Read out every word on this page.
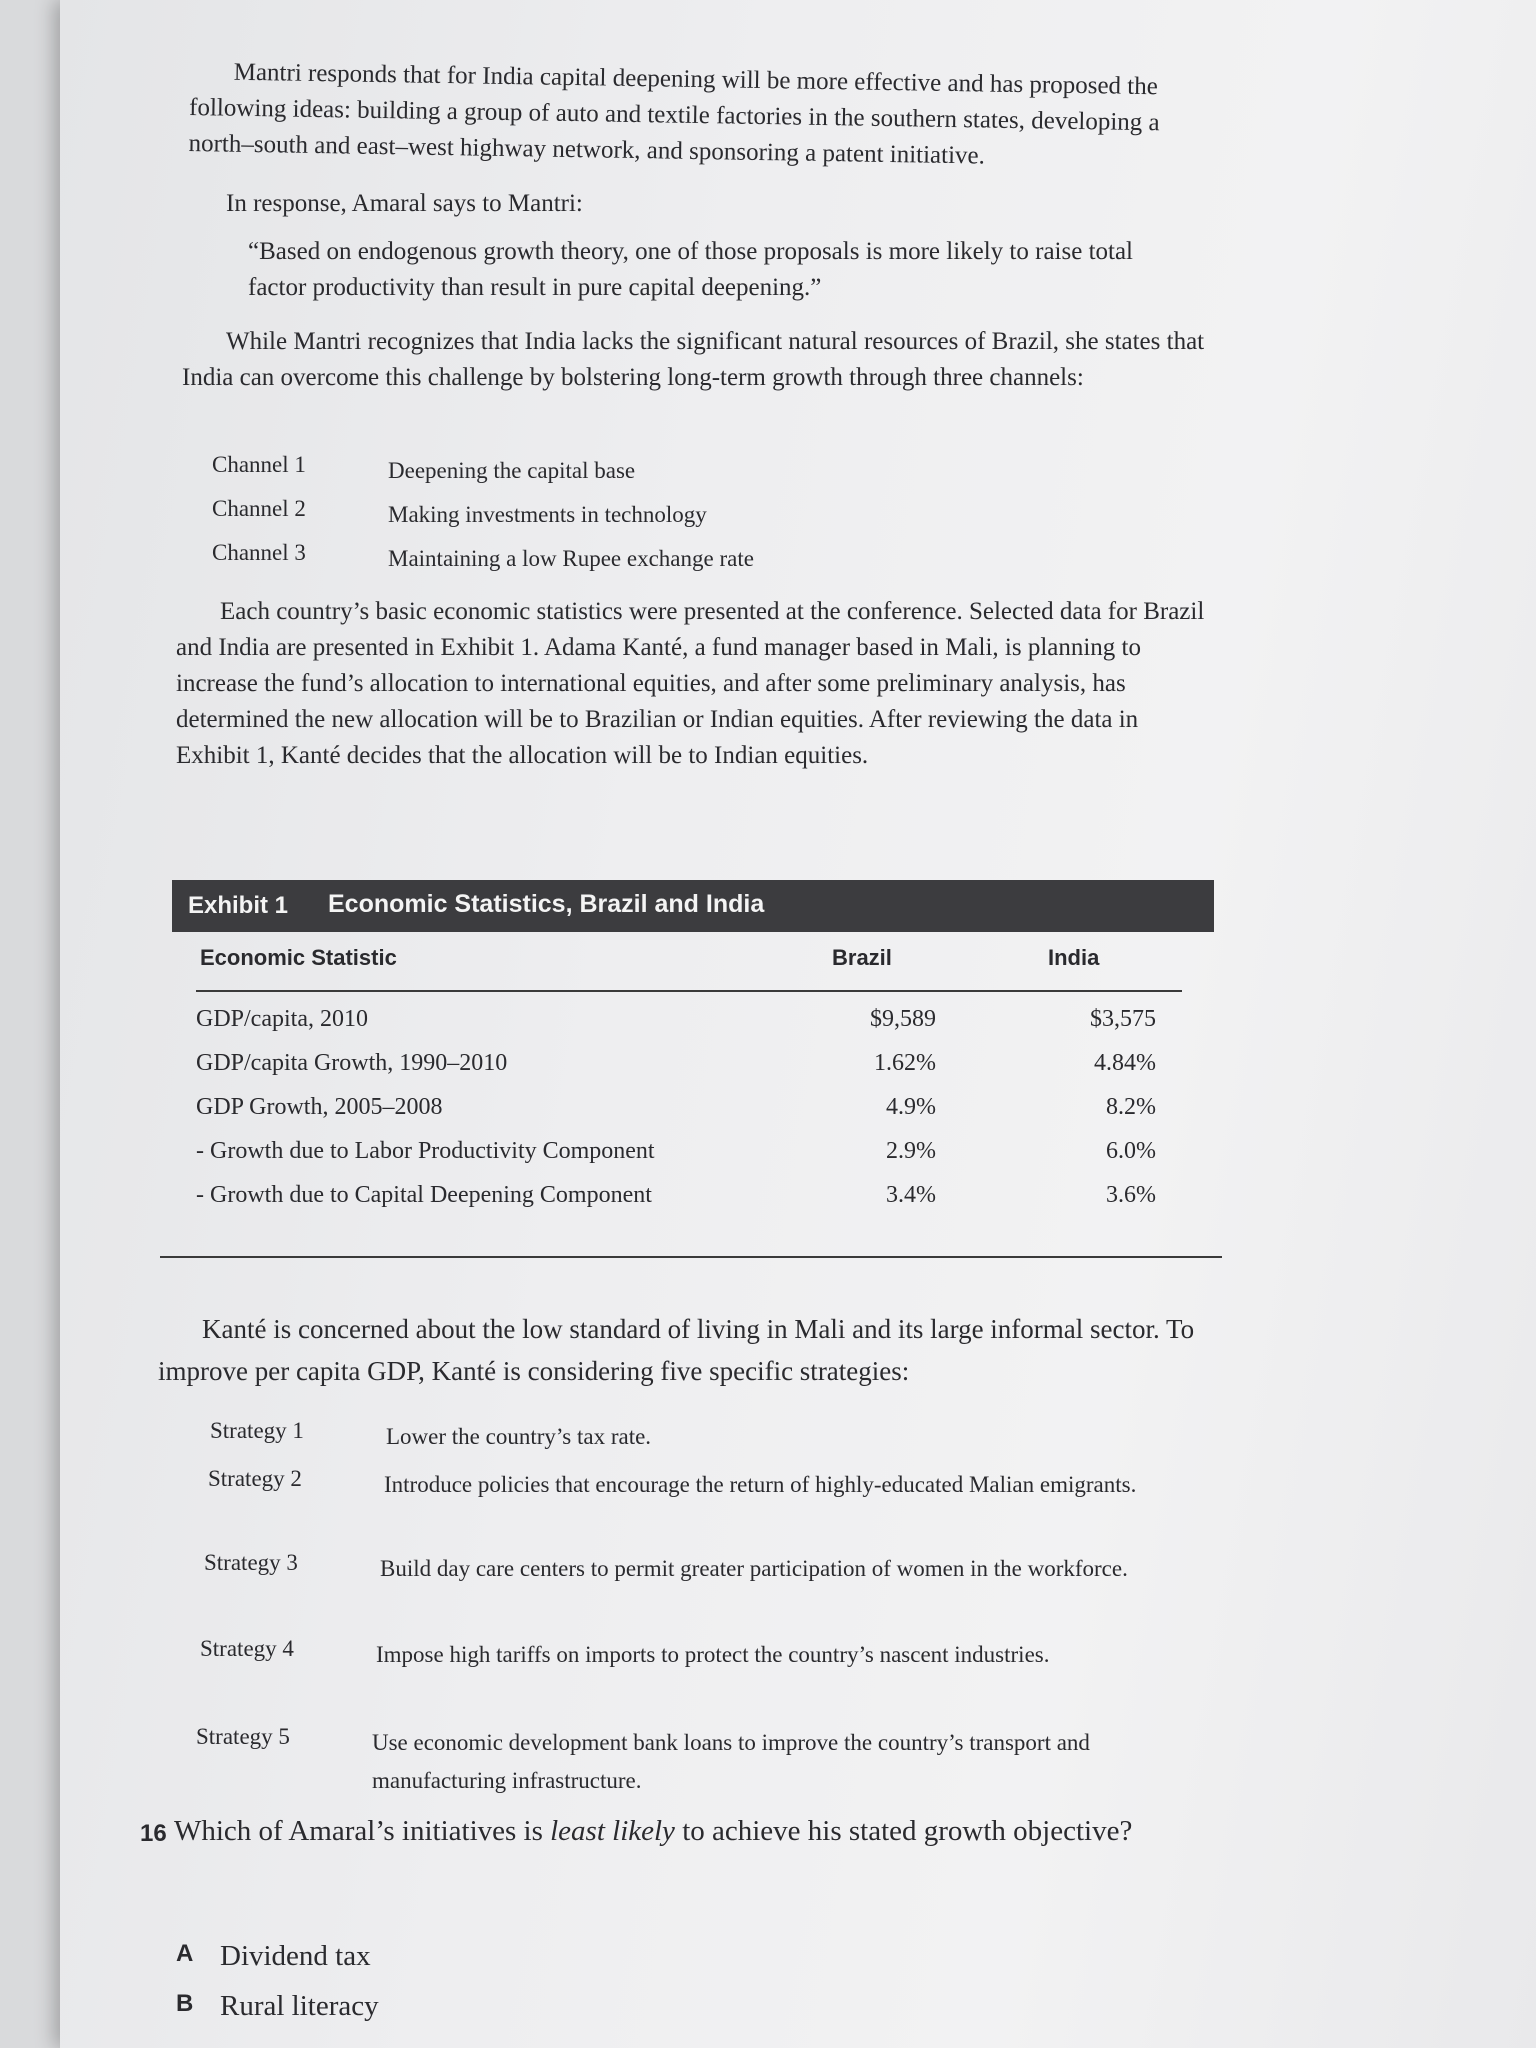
Mantri responds that for India capital deepening will be more effective and has proposed the following ideas: building a group of auto and textile factories in the southern states, developing a north–south and east–west highway network, and sponsoring a patent initiative.
In response, Amaral says to Mantri:
“Based on endogenous growth theory, one of those proposals is more likely to raise total factor productivity than result in pure capital deepening.”
While Mantri recognizes that India lacks the significant natural resources of Brazil, she states that India can overcome this challenge by bolstering long-term growth through three channels:
Channel 1	Deepening the capital base
Channel 2	Making investments in technology
Channel 3	Maintaining a low Rupee exchange rate
Each country’s basic economic statistics were presented at the conference. Selected data for Brazil and India are presented in Exhibit 1. Adama Kanté, a fund manager based in Mali, is planning to increase the fund’s allocation to international equities, and after some preliminary analysis, has determined the new allocation will be to Brazilian or Indian equities. After reviewing the data in Exhibit 1, Kanté decides that the allocation will be to Indian equities.
Exhibit 1 Economic Statistics, Brazil and India
Economic Statistic	Brazil	India
GDP/capita, 2010	$9,589	$3,575
GDP/capita Growth, 1990–2010	1.62%	4.84%
GDP Growth, 2005–2008	4.9%	8.2%
- Growth due to Labor Productivity Component	2.9%	6.0%
- Growth due to Capital Deepening Component	3.4%	3.6%
Kanté is concerned about the low standard of living in Mali and its large informal sector. To improve per capita GDP, Kanté is considering five specific strategies:
Strategy 1	Lower the country’s tax rate.
Strategy 2	Introduce policies that encourage the return of highly-educated Malian emigrants.
Strategy 3	Build day care centers to permit greater participation of women in the workforce.
Strategy 4	Impose high tariffs on imports to protect the country’s nascent industries.
Strategy 5	Use economic development bank loans to improve the country’s transport and manufacturing infrastructure.
16 Which of Amaral’s initiatives is least likely to achieve his stated growth objective?
A Dividend tax
B Rural literacy
